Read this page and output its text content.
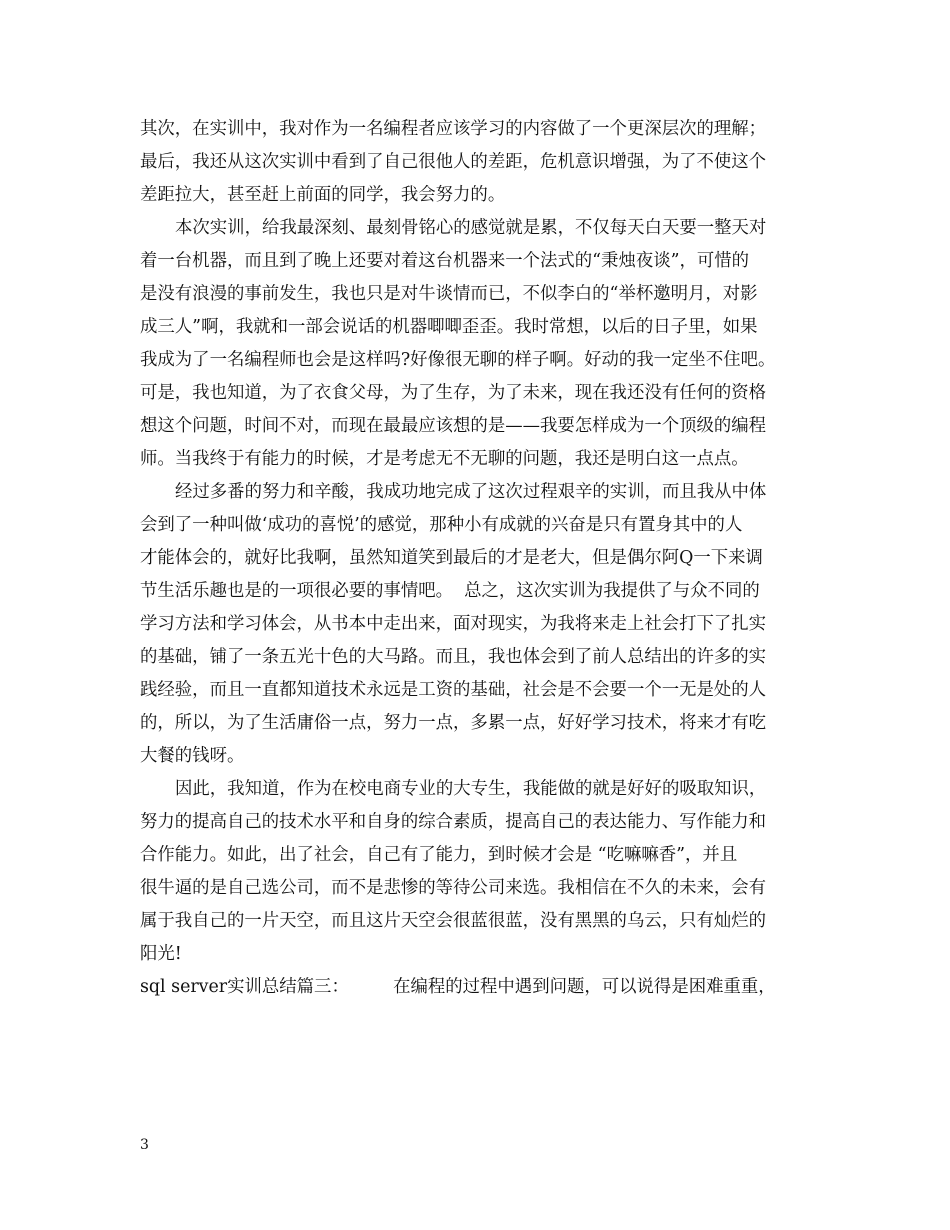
其次，在实训中，我对作为一名编程者应该学习的内容做了一个更深层次的理解；
最后，我还从这次实训中看到了自己很他人的差距，危机意识增强，为了不使这个
差距拉大，甚至赶上前面的同学，我会努力的。
本次实训，给我最深刻、最刻骨铭心的感觉就是累，不仅每天白天要一整天对
着一台机器，而且到了晚上还要对着这台机器来一个法式的“秉烛夜谈”，可惜的
是没有浪漫的事前发生，我也只是对牛谈情而已，不似李白的“举杯邀明月，对影
成三人”啊，我就和一部会说话的机器唧唧歪歪。我时常想，以后的日子里，如果
我成为了一名编程师也会是这样吗?好像很无聊的样子啊。好动的我一定坐不住吧。
可是，我也知道，为了衣食父母，为了生存，为了未来，现在我还没有任何的资格
想这个问题，时间不对，而现在最最应该想的是——我要怎样成为一个顶级的编程
师。当我终于有能力的时候，才是考虑无不无聊的问题，我还是明白这一点点。
经过多番的努力和辛酸，我成功地完成了这次过程艰辛的实训，而且我从中体
会到了一种叫做‘成功的喜悦’的感觉，那种小有成就的兴奋是只有置身其中的人
才能体会的，就好比我啊，虽然知道笑到最后的才是老大，但是偶尔阿Q一下来调
节生活乐趣也是的一项很必要的事情吧。  总之，这次实训为我提供了与众不同的
学习方法和学习体会，从书本中走出来，面对现实，为我将来走上社会打下了扎实
的基础，铺了一条五光十色的大马路。而且，我也体会到了前人总结出的许多的实
践经验，而且一直都知道技术永远是工资的基础，社会是不会要一个一无是处的人
的，所以，为了生活庸俗一点，努力一点，多累一点，好好学习技术，将来才有吃
大餐的钱呀。
因此，我知道，作为在校电商专业的大专生，我能做的就是好好的吸取知识，
努力的提高自己的技术水平和自身的综合素质，提高自己的表达能力、写作能力和
合作能力。如此，出了社会，自己有了能力，到时候才会是 “吃嘛嘛香”，并且
很牛逼的是自己选公司，而不是悲惨的等待公司来选。我相信在不久的未来，会有
属于我自己的一片天空，而且这片天空会很蓝很蓝，没有黑黑的乌云，只有灿烂的
阳光!
sql server实训总结篇三：        在编程的过程中遇到问题，可以说得是困难重重，
3
